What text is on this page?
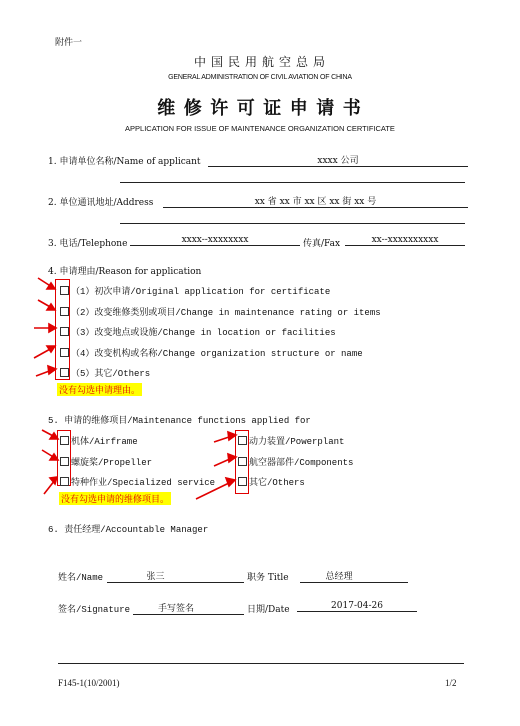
附件一
中 国 民 用 航 空 总 局
GENERAL ADMINISTRATION OF CIVIL AVIATION OF CHINA
维 修 许 可 证 申 请 书
APPLICATION FOR ISSUE OF MAINTENANCE ORGANIZATION CERTIFICATE
1. 申请单位名称/Name of applicant	xxxx 公司
2. 单位通讯地址/Address	xx 省 xx 市 xx 区 xx 街 xx 号
3. 电话/Telephone	xxxx--xxxxxxxx	传真/Fax	xx--xxxxxxxxxx
4. 申请理由/Reason for application
（1）初次申请/Original application for certificate
（2）改变维修类别或项目/Change in maintenance rating or items
（3）改变地点或设施/Change in location or facilities
（4）改变机构或名称/Change organization structure or name
（5）其它/Others
没有勾选申请理由。
5. 申请的维修项目/Maintenance functions applied for
机体/Airframe
螺旋桨/Propeller
特种作业/Specialized service
动力装置/Powerplant
航空器部件/Components
其它/Others
没有勾选申请的维修项目。
6. 责任经理/Accountable Manager
姓名/Name	张三	职务 Title	总经理
签名/Signature	手写签名	日期/Date	2017-04-26
F145-1(10/2001)	1/2
